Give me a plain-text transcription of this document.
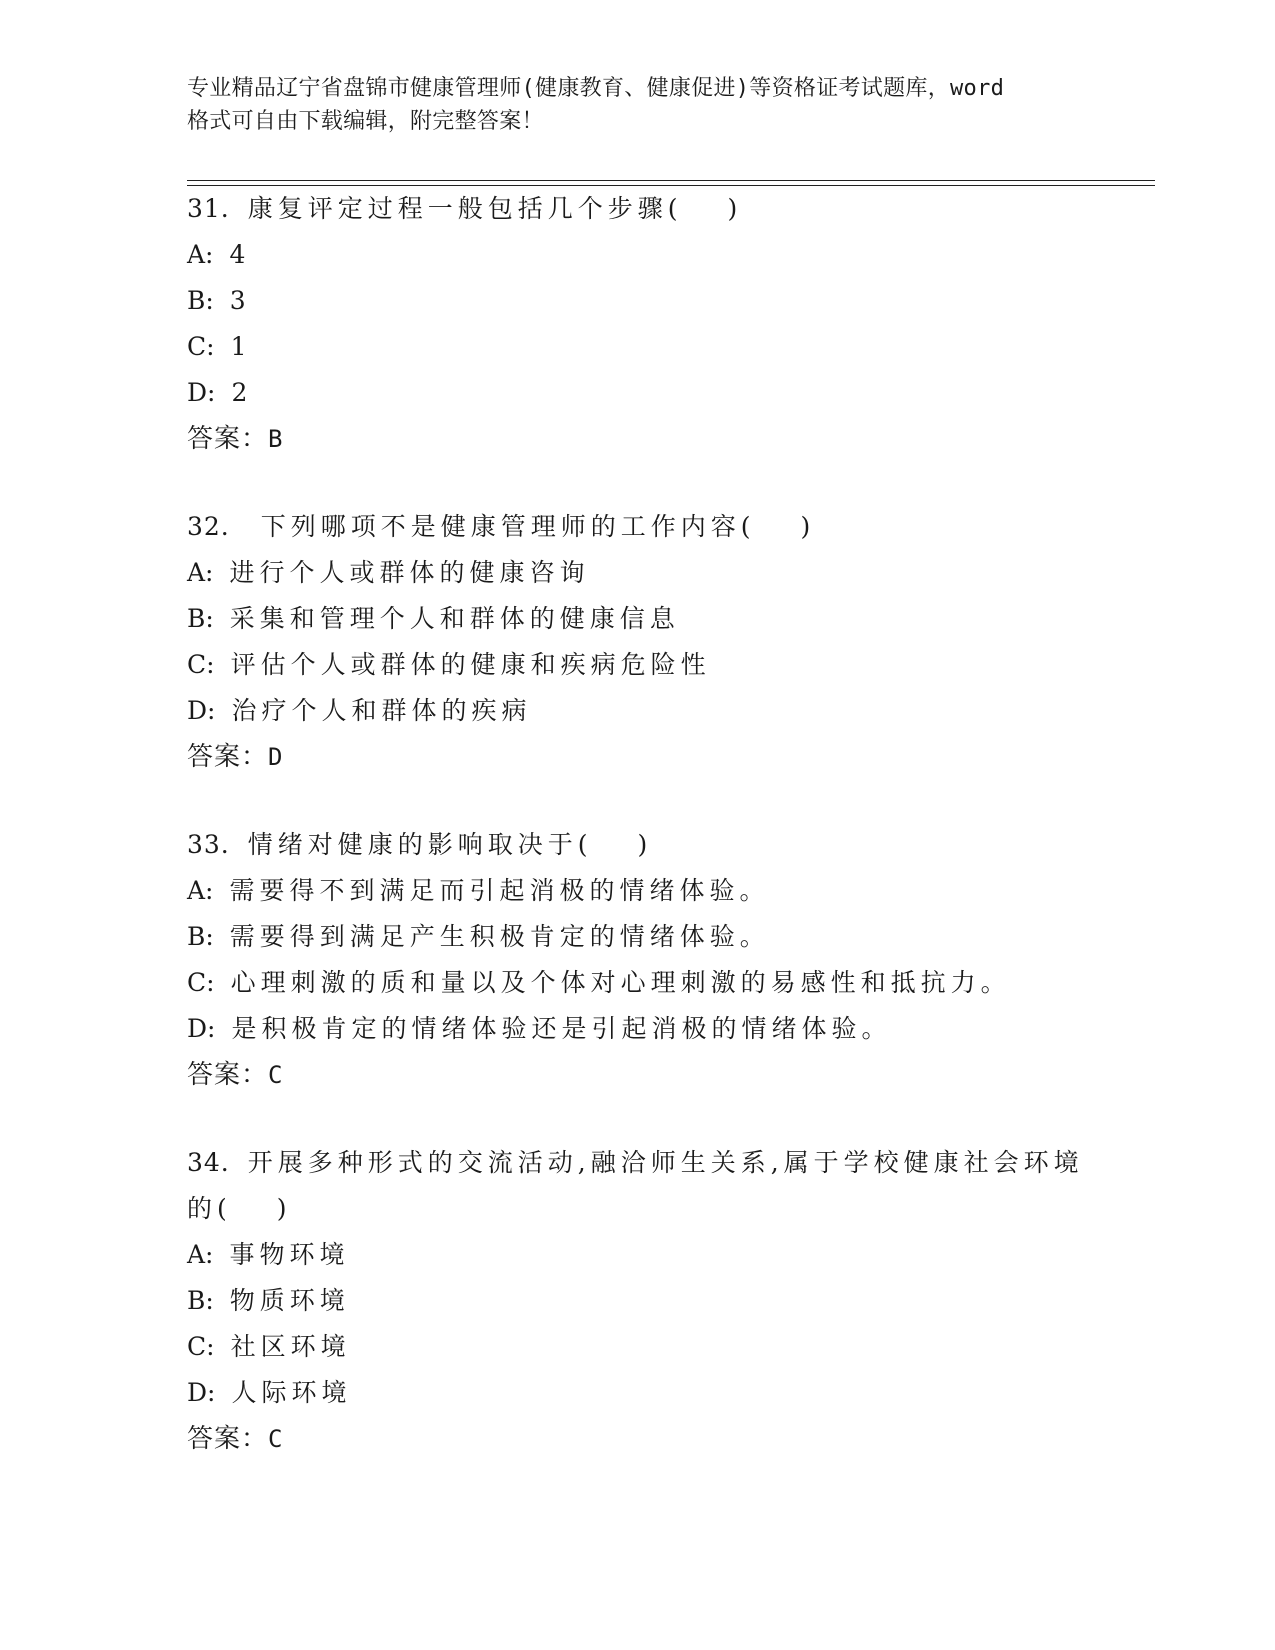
专业精品辽宁省盘锦市健康管理师(健康教育、健康促进)等资格证考试题库，word

格式可自由下载编辑，附完整答案！

31. 康复评定过程一般包括几个步骤(　　)
A: 4
B: 3
C: 1
D: 2
答案：B
32. 下列哪项不是健康管理师的工作内容(　　)
A: 进行个人或群体的健康咨询
B: 采集和管理个人和群体的健康信息
C: 评估个人或群体的健康和疾病危险性
D: 治疗个人和群体的疾病
答案：D
33. 情绪对健康的影响取决于(　　)
A: 需要得不到满足而引起消极的情绪体验。
B: 需要得到满足产生积极肯定的情绪体验。
C: 心理刺激的质和量以及个体对心理刺激的易感性和抵抗力。
D: 是积极肯定的情绪体验还是引起消极的情绪体验。
答案：C
34. 开展多种形式的交流活动,融洽师生关系,属于学校健康社会环境的(　　)
A: 事物环境
B: 物质环境
C: 社区环境
D: 人际环境
答案：C
